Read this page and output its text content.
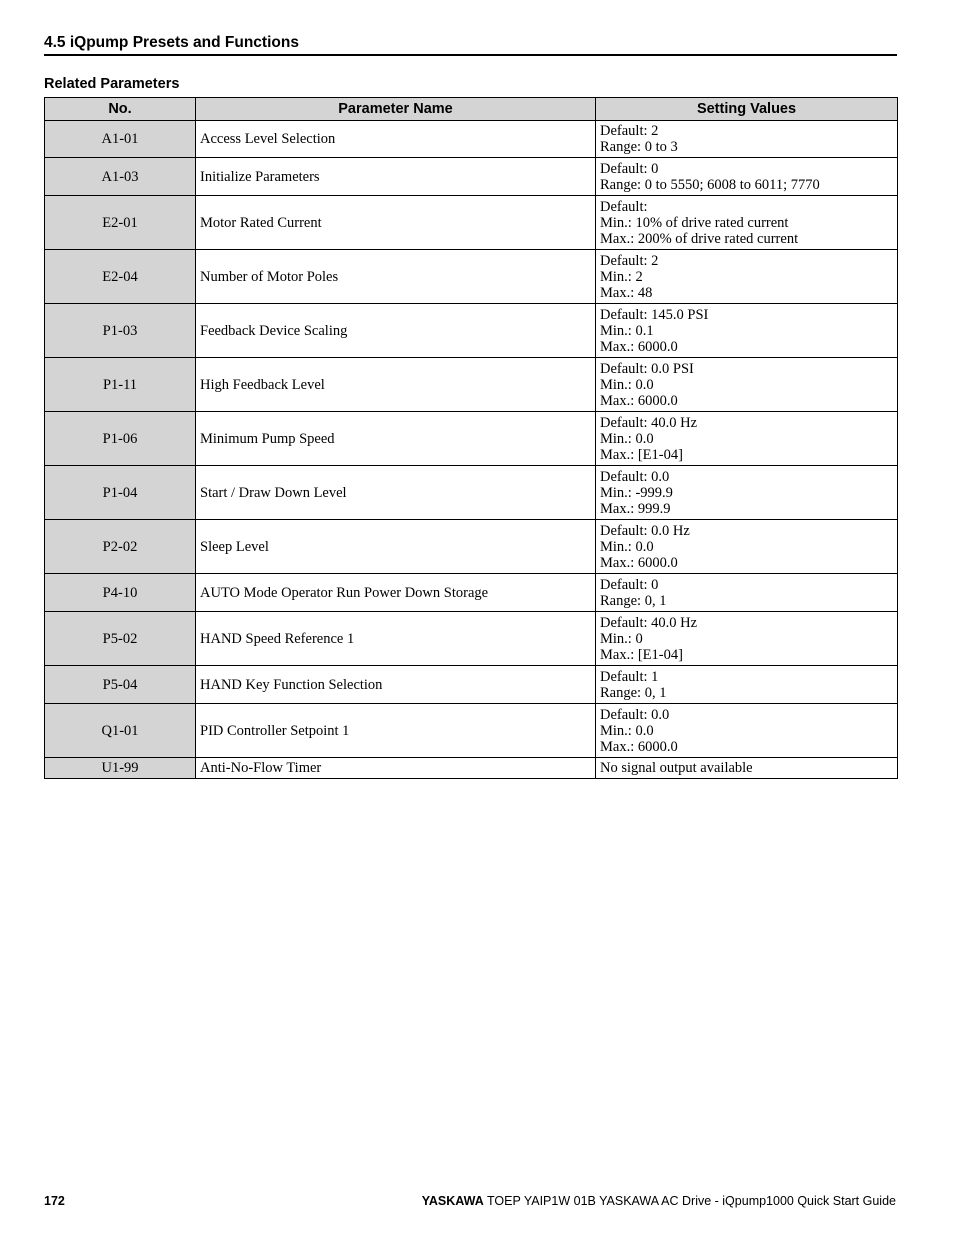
4.5 iQpump Presets and Functions
Related Parameters
No.	Parameter Name	Setting Values
A1-01	Access Level Selection	Default: 2
Range: 0 to 3

A1-03	Initialize Parameters	Default: 0
Range: 0 to 5550; 6008 to 6011; 7770

E2-01	Motor Rated Current	Default:
Min.: 10% of drive rated current
Max.: 200% of drive rated current

E2-04	Number of Motor Poles	Default: 2
Min.: 2
Max.: 48

P1-03	Feedback Device Scaling	Default: 145.0 PSI
Min.: 0.1
Max.: 6000.0

P1-11	High Feedback Level	Default: 0.0 PSI
Min.: 0.0
Max.: 6000.0

P1-06	Minimum Pump Speed	Default: 40.0 Hz
Min.: 0.0
Max.: [E1-04]

P1-04	Start / Draw Down Level	Default: 0.0
Min.: -999.9
Max.: 999.9

P2-02	Sleep Level	Default: 0.0 Hz
Min.: 0.0
Max.: 6000.0

P4-10	AUTO Mode Operator Run Power Down Storage	Default: 0
Range: 0, 1

P5-02	HAND Speed Reference 1	Default: 40.0 Hz
Min.: 0
Max.: [E1-04]

P5-04	HAND Key Function Selection	Default: 1
Range: 0, 1

Q1-01	PID Controller Setpoint 1	Default: 0.0
Min.: 0.0
Max.: 6000.0

U1-99	Anti-No-Flow Timer	No signal output available
172	YASKAWA TOEP YAIP1W 01B YASKAWA AC Drive - iQpump1000 Quick Start Guide
